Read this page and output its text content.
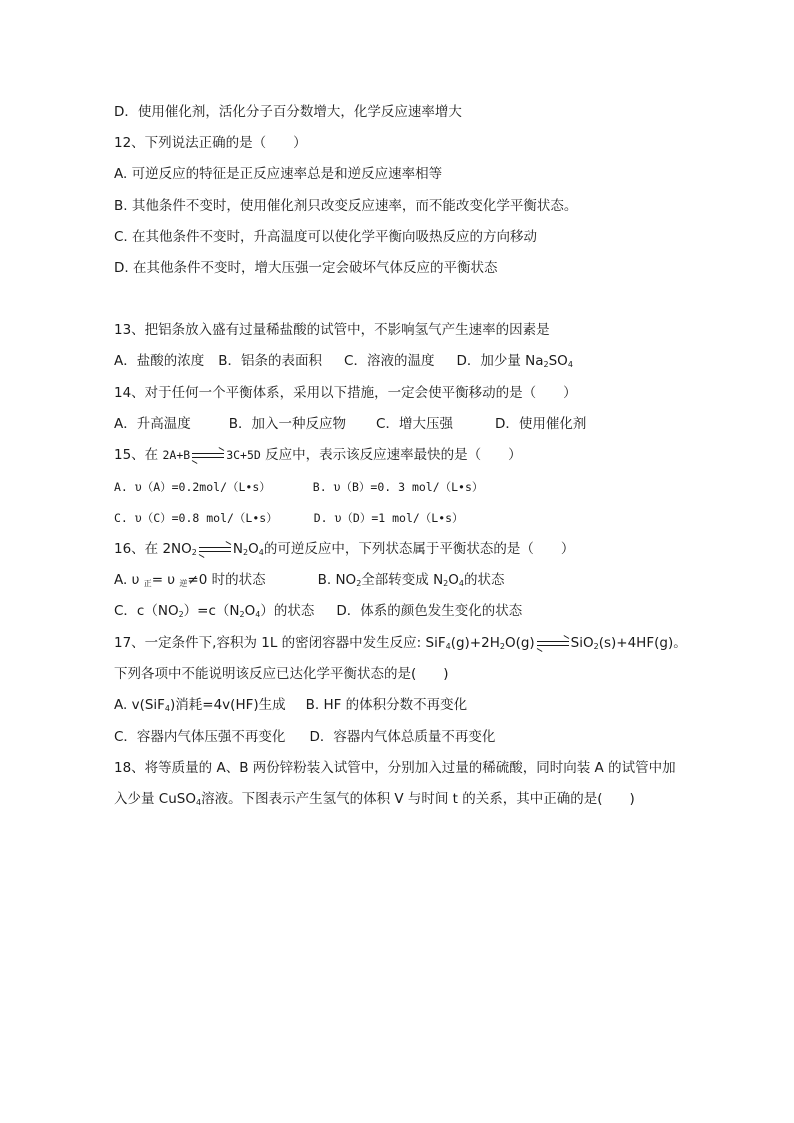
D．使用催化剂，活化分子百分数增大，化学反应速率增大
12、下列说法正确的是（　　）
A. 可逆反应的特征是正反应速率总是和逆反应速率相等
B. 其他条件不变时，使用催化剂只改变反应速率，而不能改变化学平衡状态。
C. 在其他条件不变时，升高温度可以使化学平衡向吸热反应的方向移动
D. 在其他条件不变时，增大压强一定会破坏气体反应的平衡状态
13、把铝条放入盛有过量稀盐酸的试管中，不影响氢气产生速率的因素是
A．盐酸的浓度 B．铝条的表面积 C．溶液的温度 D．加少量 $Na_2SO_4$
14、对于任何一个平衡体系，采用以下措施，一定会使平衡移动的是（　　）
A．升高温度	B．加入一种反应物 C．增大压强	D．使用催化剂
15、在 2A+B	3C+5D 反应中，表示该反应速率最快的是（　　）
A. υ（A）=0.2mol/（L•s）	B. υ（B）=0. 3 mol/（L•s）
C. υ（C）=0.8 mol/（L•s）	D. υ（D）=1 mol/（L•s）
16、在 $2NO_2$	$N_2O_4$的可逆反应中，下列状态属于平衡状态的是（　　）
A. υ $_正$= υ $_逆$≠0 时的状态	B. $NO_2$全部转变成 $N_2O_4$的状态
C．$c(NO_2)=c(N_2O_4)$的状态 D．体系的颜色发生变化的状态
17、一定条件下,容积为 1L 的密闭容器中发生反应: $SiF_4(g)+2H_2O(g)$	SiO$_2$(s)+4HF(g)。
下列各项中不能说明该反应已达化学平衡状态的是(　　)
A. v(SiF$_4$)消耗=4v(HF)生成 B. HF 的体积分数不再变化
C．容器内气体压强不再变化 D．容器内气体总质量不再变化
18、将等质量的 A、B 两份锌粉装入试管中，分别加入过量的稀硫酸，同时向装 A 的试管中加
入少量 CuSO$_4$溶液。下图表示产生氢气的体积 V 与时间 t 的关系，其中正确的是(　　)
